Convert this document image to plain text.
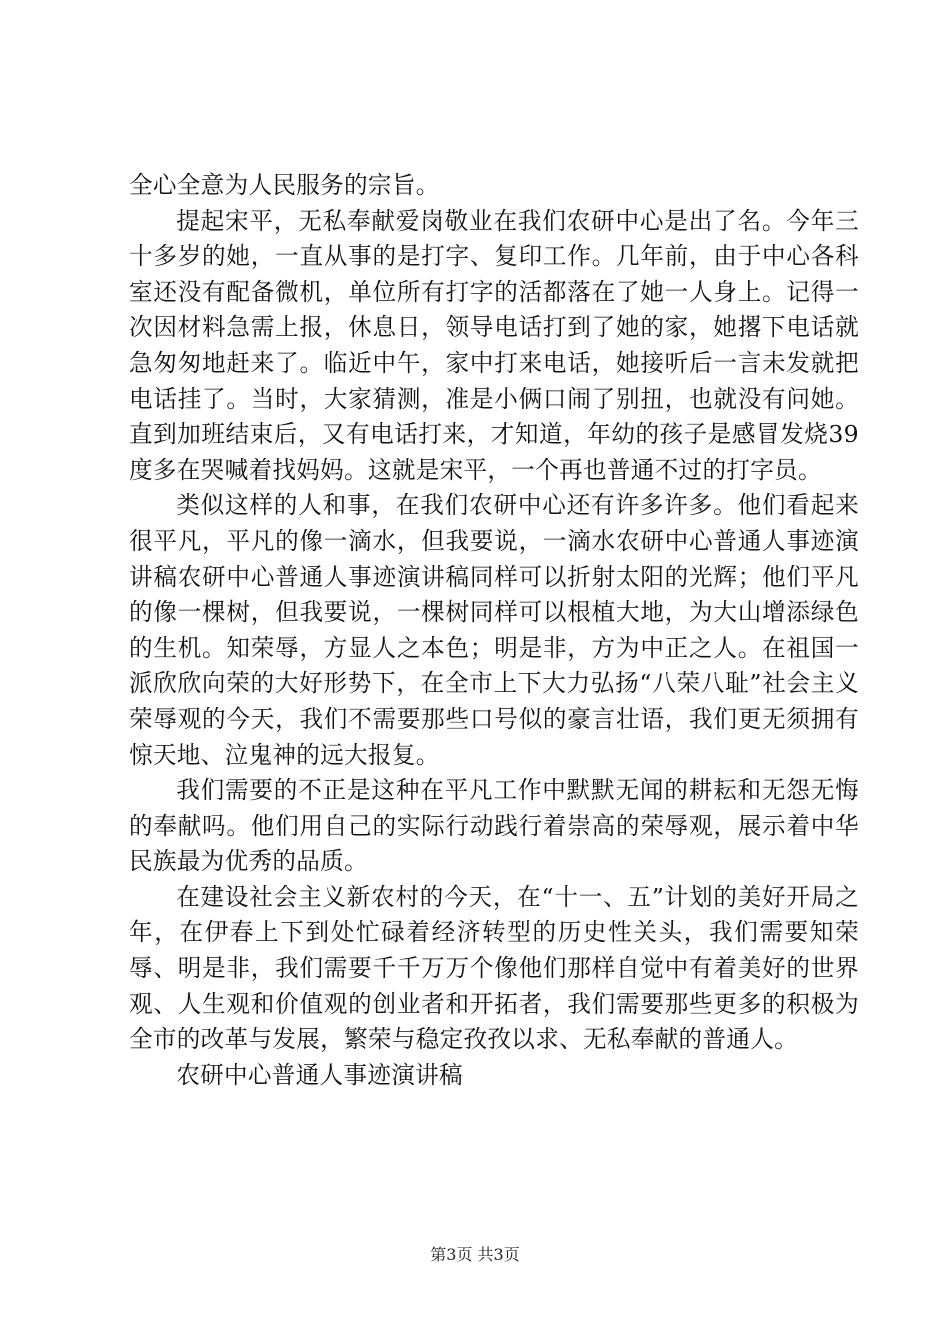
全心全意为人民服务的宗旨。

提起宋平，无私奉献爱岗敬业在我们农研中心是出了名。今年三十多岁的她，一直从事的是打字、复印工作。几年前，由于中心各科室还没有配备微机，单位所有打字的活都落在了她一人身上。记得一次因材料急需上报，休息日，领导电话打到了她的家，她撂下电话就急匆匆地赶来了。临近中午，家中打来电话，她接听后一言未发就把电话挂了。当时，大家猜测，准是小俩口闹了别扭，也就没有问她。直到加班结束后，又有电话打来，才知道，年幼的孩子是感冒发烧39度多在哭喊着找妈妈。这就是宋平，一个再也普通不过的打字员。

类似这样的人和事，在我们农研中心还有许多许多。他们看起来很平凡，平凡的像一滴水，但我要说，一滴水农研中心普通人事迹演讲稿农研中心普通人事迹演讲稿同样可以折射太阳的光辉；他们平凡的像一棵树，但我要说，一棵树同样可以根植大地，为大山增添绿色的生机。知荣辱，方显人之本色；明是非，方为中正之人。在祖国一派欣欣向荣的大好形势下，在全市上下大力弘扬“八荣八耻”社会主义荣辱观的今天，我们不需要那些口号似的豪言壮语，我们更无须拥有惊天地、泣鬼神的远大报复。

我们需要的不正是这种在平凡工作中默默无闻的耕耘和无怨无悔的奉献吗。他们用自己的实际行动践行着崇高的荣辱观，展示着中华民族最为优秀的品质。

在建设社会主义新农村的今天，在“十一、五”计划的美好开局之年，在伊春上下到处忙碌着经济转型的历史性关头，我们需要知荣辱、明是非，我们需要千千万万个像他们那样自觉中有着美好的世界观、人生观和价值观的创业者和开拓者，我们需要那些更多的积极为全市的改革与发展，繁荣与稳定孜孜以求、无私奉献的普通人。

农研中心普通人事迹演讲稿

第3页 共3页
